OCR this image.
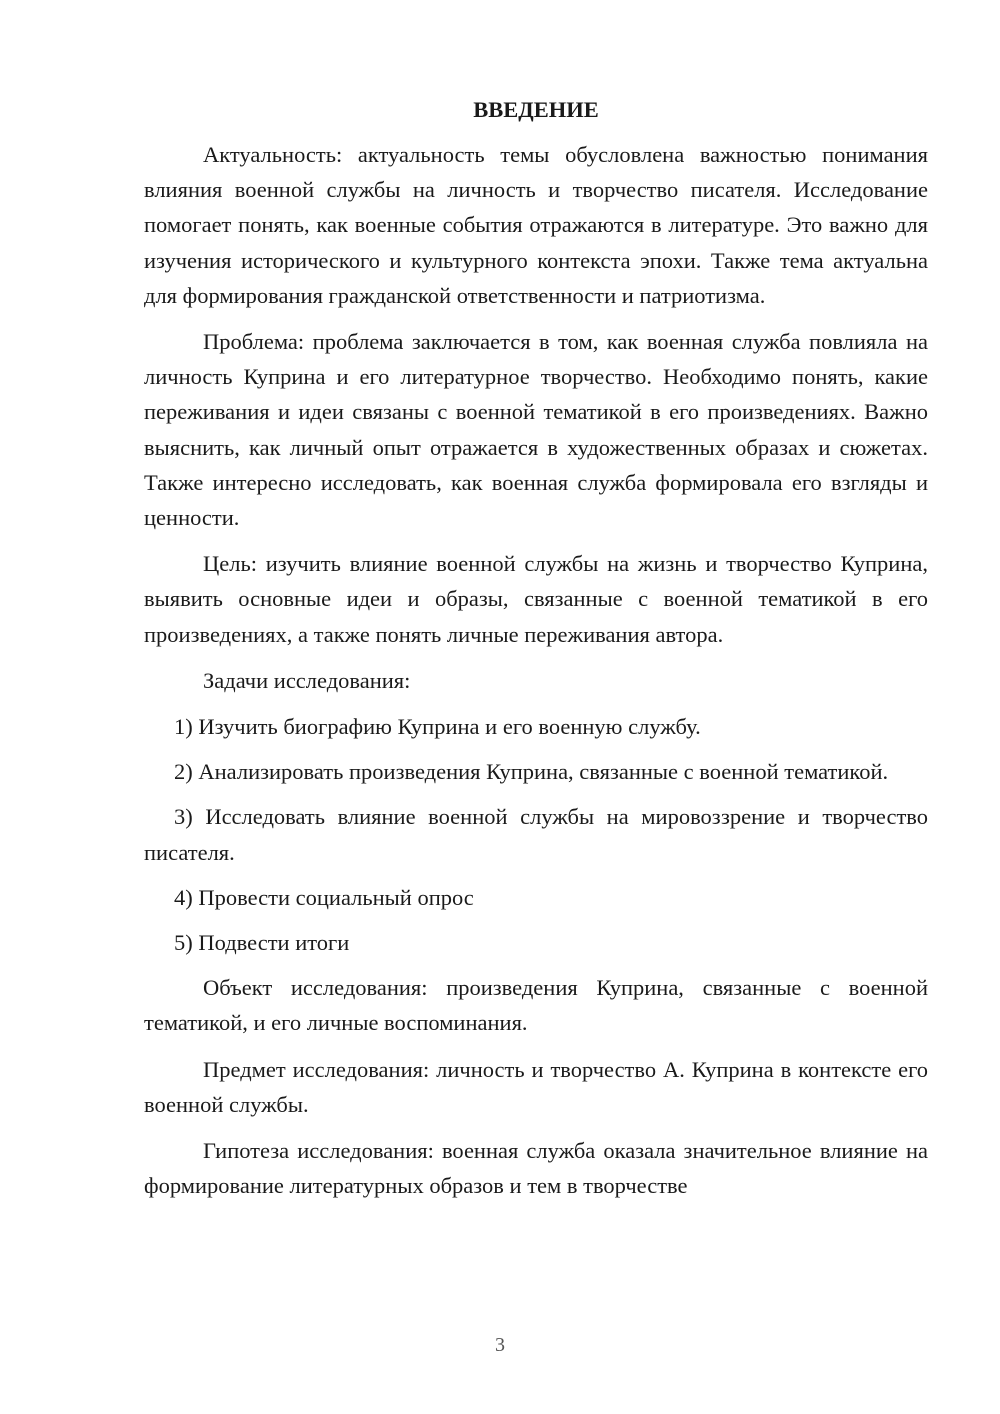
ВВЕДЕНИЕ

Актуальность: актуальность темы обусловлена важностью понимания влияния военной службы на личность и творчество писателя. Исследование помогает понять, как военные события отражаются в литературе. Это важно для изучения исторического и культурного контекста эпохи. Также тема актуальна для формирования гражданской ответственности и патриотизма.

Проблема: проблема заключается в том, как военная служба повлияла на личность Куприна и его литературное творчество. Необходимо понять, какие переживания и идеи связаны с военной тематикой в его произведениях. Важно выяснить, как личный опыт отражается в художественных образах и сюжетах. Также интересно исследовать, как военная служба формировала его взгляды и ценности.

Цель: изучить влияние военной службы на жизнь и творчество Куприна, выявить основные идеи и образы, связанные с военной тематикой в его произведениях, а также понять личные переживания автора.

Задачи исследования:

1) Изучить биографию Куприна и его военную службу.

2) Анализировать произведения Куприна, связанные с военной тематикой.

3) Исследовать влияние военной службы на мировоззрение и творчество писателя.

4) Провести социальный опрос

5) Подвести итоги

Объект исследования: произведения Куприна, связанные с военной тематикой, и его личные воспоминания.

Предмет исследования: личность и творчество А. Куприна в контексте его военной службы.

Гипотеза исследования: военная служба оказала значительное влияние на формирование литературных образов и тем в творчестве

3
